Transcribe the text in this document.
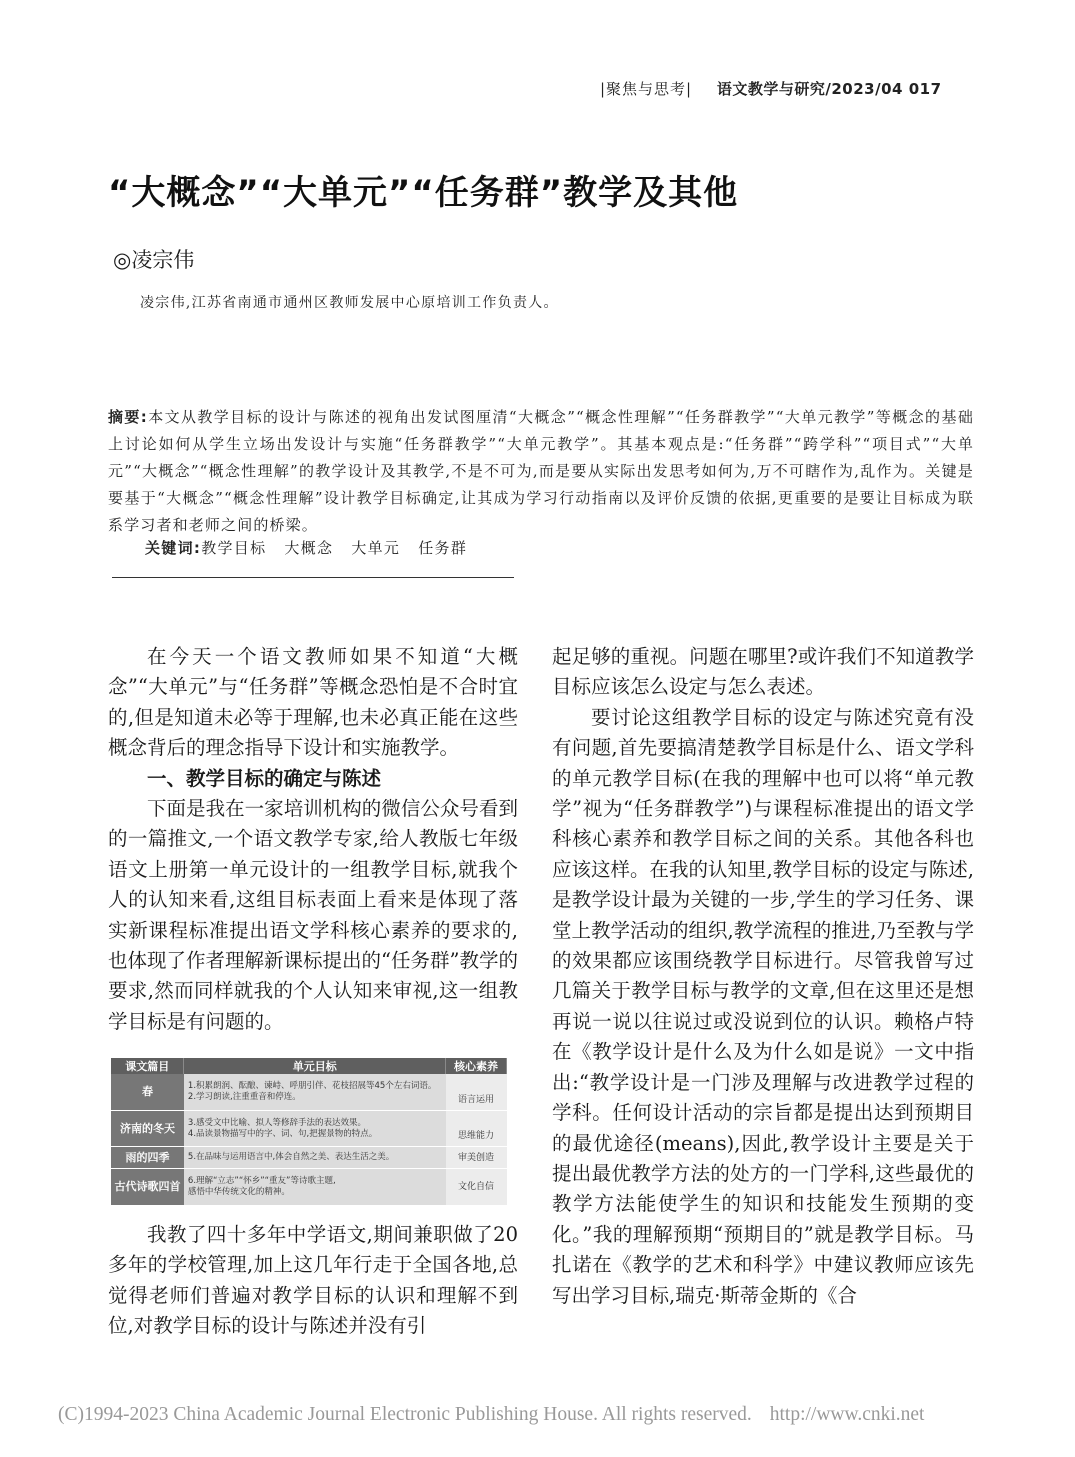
|聚焦与思考| 语文教学与研究/2023/04 017
“大概念”“大单元”“任务群”教学及其他
◎凌宗伟
凌宗伟,江苏省南通市通州区教师发展中心原培训工作负责人。
摘要:本文从教学目标的设计与陈述的视角出发试图厘清“大概念”“概念性理解”“任务群教学”“大单元教学”等概念的基础上讨论如何从学生立场出发设计与实施“任务群教学”“大单元教学”。其基本观点是:“任务群”“跨学科”“项目式”“大单元”“大概念”“概念性理解”的教学设计及其教学,不是不可为,而是要从实际出发思考如何为,万不可瞎作为,乱作为。关键是要基于“大概念”“概念性理解”设计教学目标确定,让其成为学习行动指南以及评价反馈的依据,更重要的是要让目标成为联系学习者和老师之间的桥梁。
关键词:教学目标 大概念 大单元 任务群

在今天一个语文教师如果不知道“大概念”“大单元”与“任务群”等概念恐怕是不合时宜的,但是知道未必等于理解,也未必真正能在这些概念背后的理念指导下设计和实施教学。

一、教学目标的确定与陈述

下面是我在一家培训机构的微信公众号看到的一篇推文,一个语文教学专家,给人教版七年级语文上册第一单元设计的一组教学目标,就我个人的认知来看,这组目标表面上看来是体现了落实新课程标准提出语文学科核心素养的要求的,也体现了作者理解新课标提出的“任务群”教学的要求,然而同样就我的个人认知来审视,这一组教学目标是有问题的。

课文篇目	单元目标	核心素养
春	1.积累朗润、酝酿、谏峙、呼朋引伴、花枝招展等45个左右词语。
2.学习朗读,注重重音和停连。	语言运用
济南的冬天	3.感受文中比喻、拟人等修辞手法的表达效果。
4.品读景物描写中的字、词、句,把握景物的特点。	思维能力
雨的四季	5.在品味与运用语言中,体会自然之美、表达生活之美。	审美创造
古代诗歌四首	6.理解“立志”“怀乡”“重友”等诗歌主题,
感悟中华传统文化的精神。	文化自信

我教了四十多年中学语文,期间兼职做了20多年的学校管理,加上这几年行走于全国各地,总觉得老师们普遍对教学目标的认识和理解不到位,对教学目标的设计与陈述并没有引

起足够的重视。问题在哪里?或许我们不知道教学目标应该怎么设定与怎么表述。

要讨论这组教学目标的设定与陈述究竟有没有问题,首先要搞清楚教学目标是什么、语文学科的单元教学目标(在我的理解中也可以将“单元教学”视为“任务群教学”)与课程标准提出的语文学科核心素养和教学目标之间的关系。其他各科也应该这样。在我的认知里,教学目标的设定与陈述,是教学设计最为关键的一步,学生的学习任务、课堂上教学活动的组织,教学流程的推进,乃至教与学的效果都应该围绕教学目标进行。尽管我曾写过几篇关于教学目标与教学的文章,但在这里还是想再说一说以往说过或没说到位的认识。赖格卢特在《教学设计是什么及为什么如是说》一文中指出:“教学设计是一门涉及理解与改进教学过程的学科。任何设计活动的宗旨都是提出达到预期目的最优途径(means),因此,教学设计主要是关于提出最优教学方法的处方的一门学科,这些最优的教学方法能使学生的知识和技能发生预期的变化。”我的理解预期“预期目的”就是教学目标。马扎诺在《教学的艺术和科学》中建议教师应该先写出学习目标,瑞克·斯蒂金斯的《合

(C)1994-2023 China Academic Journal Electronic Publishing House. All rights reserved. http://www.cnki.net
